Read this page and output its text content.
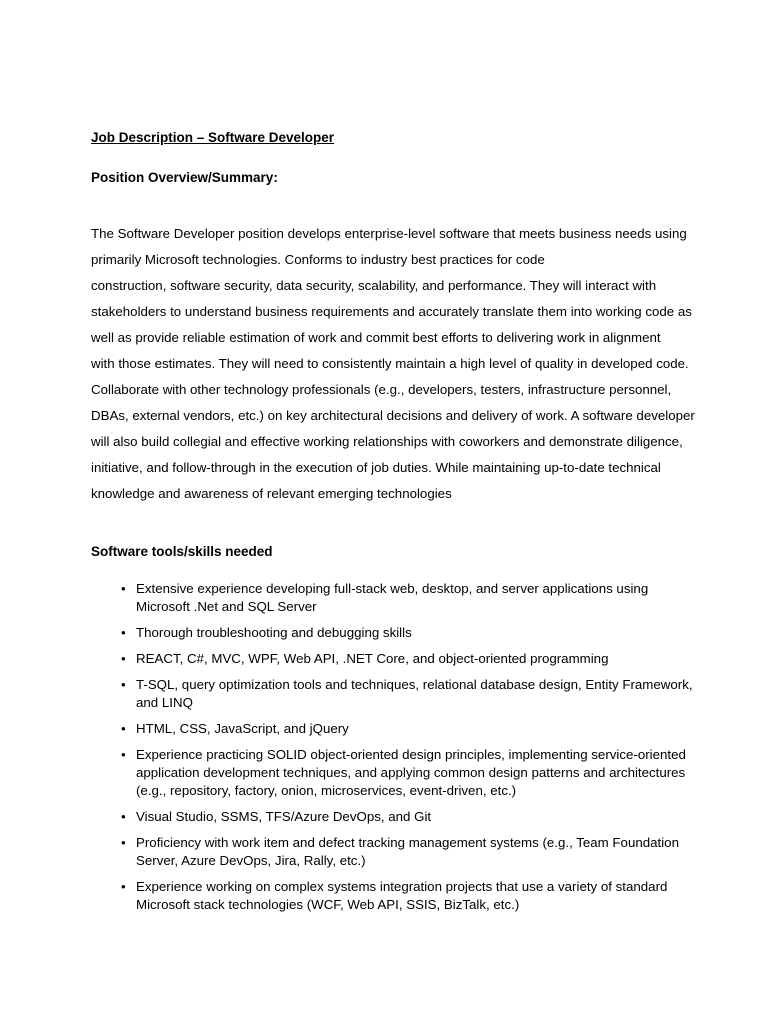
Job Description – Software Developer
Position Overview/Summary:
The Software Developer position develops enterprise-level software that meets business needs using
primarily Microsoft technologies. Conforms to industry best practices for code
construction, software security, data security, scalability, and performance. They will interact with
stakeholders to understand business requirements and accurately translate them into working code as
well as provide reliable estimation of work and commit best efforts to delivering work in alignment
with those estimates. They will need to consistently maintain a high level of quality in developed code.
Collaborate with other technology professionals (e.g., developers, testers, infrastructure personnel,
DBAs, external vendors, etc.) on key architectural decisions and delivery of work. A software developer
will also build collegial and effective working relationships with coworkers and demonstrate diligence,
initiative, and follow-through in the execution of job duties. While maintaining up-to-date technical
knowledge and awareness of relevant emerging technologies
Software tools/skills needed
• Extensive experience developing full-stack web, desktop, and server applications using
Microsoft .Net and SQL Server
• Thorough troubleshooting and debugging skills
• REACT, C#, MVC, WPF, Web API, .NET Core, and object-oriented programming
• T-SQL, query optimization tools and techniques, relational database design, Entity Framework,
and LINQ
• HTML, CSS, JavaScript, and jQuery
• Experience practicing SOLID object-oriented design principles, implementing service-oriented
application development techniques, and applying common design patterns and architectures
(e.g., repository, factory, onion, microservices, event-driven, etc.)
• Visual Studio, SSMS, TFS/Azure DevOps, and Git
• Proficiency with work item and defect tracking management systems (e.g., Team Foundation
Server, Azure DevOps, Jira, Rally, etc.)
• Experience working on complex systems integration projects that use a variety of standard
Microsoft stack technologies (WCF, Web API, SSIS, BizTalk, etc.)
